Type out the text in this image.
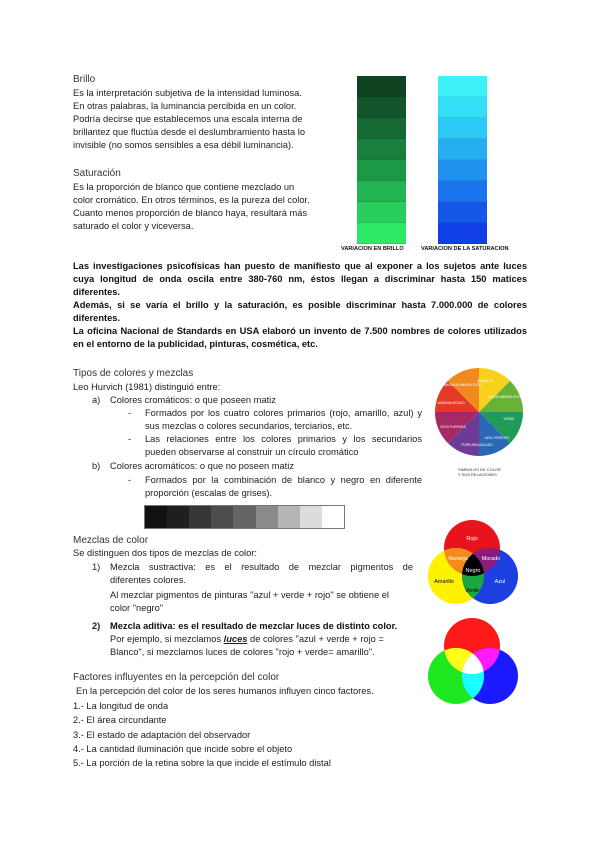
Brillo
Es la interpretación subjetiva de la intensidad luminosa.
En otras palabras, la luminancia percibida en un color.
Podría decirse que establecemos una escala interna de
brillantez que fluctúa desde el deslumbramiento hasta lo
invisible (no somos sensibles a esa débil luminancia).
Saturación
Es la proporción de blanco que contiene mezclado un
color cromático. En otros términos, es la pureza del color.
Cuanto menos proporción de blanco haya, resultará más
saturado el color y viceversa.
VARIACION EN BRILLO	VARIACION DE LA SATURACION
Las investigaciones psicofísicas han puesto de manifiesto que al exponer a los sujetos ante luces cuya longitud de onda oscila entre 380-760 nm, éstos llegan a discriminar hasta 150 matices diferentes.
Además, si se varía el brillo y la saturación, es posible discriminar hasta 7.000.000 de colores diferentes.
La oficina Nacional de Standards en USA elaboró un invento de 7.500 nombres de colores utilizados en el entorno de la publicidad, pinturas, cosmética, etc.
Tipos de colores y mezclas
Leo Hurvich (1981) distinguió entre:
a) Colores cromáticos: o que poseen matiz
- Formados por los cuatro colores primarios (rojo, amarillo, azul) y sus mezclas o colores secundarios, terciarios, etc.
- Las relaciones entre los colores primarios y los secundarios pueden observarse al construir un círculo cromático
b) Colores acromáticos: o que no poseen matiz
- Formados por la combinación de blanco y negro en diferente proporción (escalas de grises).
AMARILLO
VERDE AMARILLENTO
VERDE
AZUL VERDOSO
PURPURA AZULADO
ROJO PURPURA
NARANJA ROJIZO
NARANJA AMARILLENTO
SIMBOLOS DE COLOR
Y SUS RELACIONES
Mezclas de color
Se distinguen dos tipos de mezclas de color:
1) Mezcla sustractiva: es el resultado de mezclar pigmentos de
diferentes colores.
Al mezclar pigmentos de pinturas "azul + verde + rojo" se obtiene el
color "negro"
2) Mezcla aditiva: es el resultado de mezclar luces de distinto color.
Por ejemplo, si mezclamos luces de colores "azul + verde + rojo =
Blanco", si mezclamos luces de colores "rojo + verde= amarillo".
Rojo
Naranja	Morado
Negro
Amarillo
Verde
Azul
Factores influyentes en la percepción del color
En la percepción del color de los seres humanos influyen cinco factores.
1.- La longitud de onda
2.- El área circundante
3.- El estado de adaptación del observador
4.- La cantidad iluminación que incide sobre el objeto
5.- La porción de la retina sobre la que incide el estímulo distal
